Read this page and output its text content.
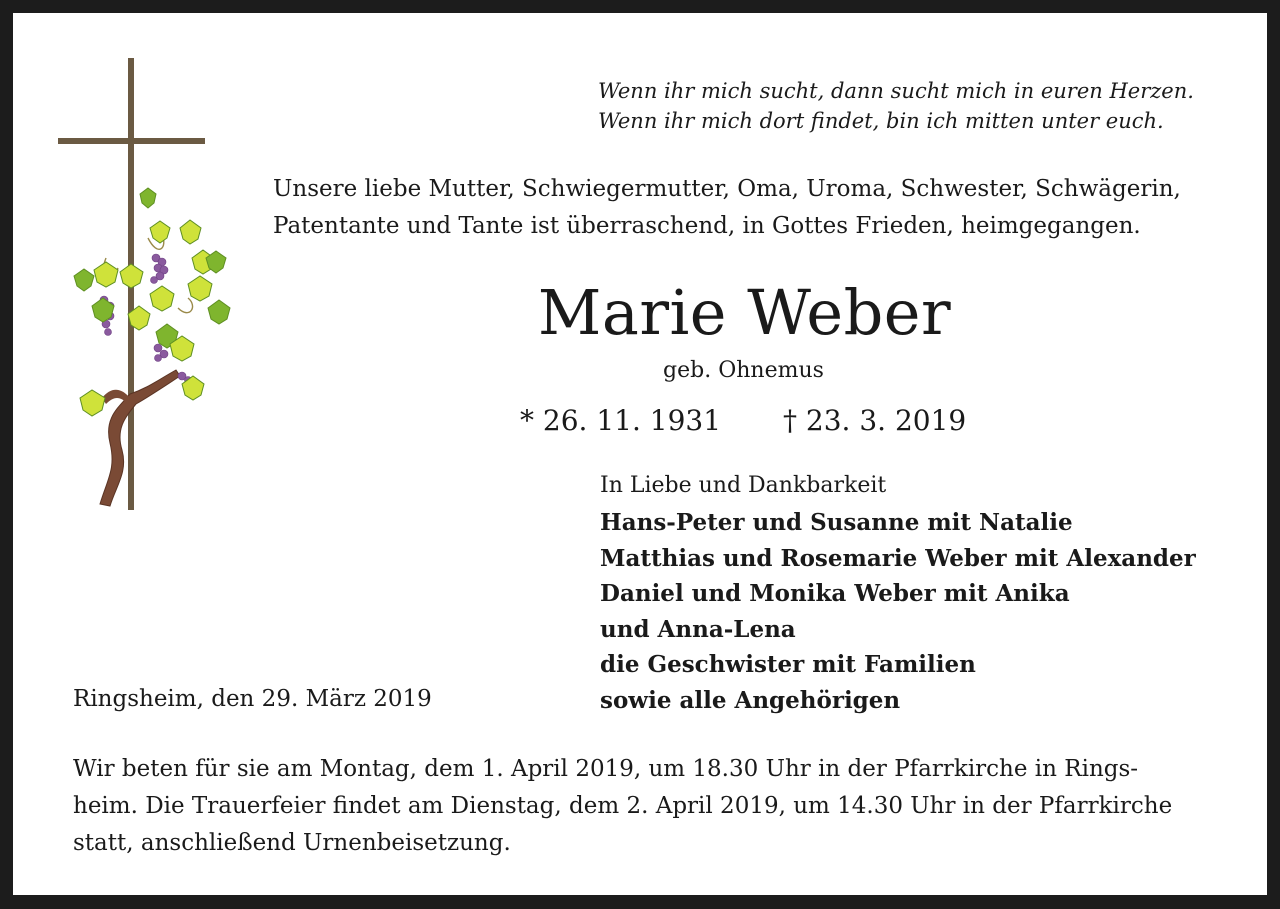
Wenn ihr mich sucht, dann sucht mich in euren Herzen.
Wenn ihr mich dort findet, bin ich mitten unter euch.
Unsere liebe Mutter, Schwiegermutter, Oma, Uroma, Schwester, Schwägerin,
Patentante und Tante ist überraschend, in Gottes Frieden, heimgegangen.
Marie Weber
geb. Ohnemus
* 26. 11. 1931 † 23. 3. 2019
In Liebe und Dankbarkeit
Hans-Peter und Susanne mit Natalie
Matthias und Rosemarie Weber mit Alexander
Daniel und Monika Weber mit Anika
und Anna-Lena
die Geschwister mit Familien
sowie alle Angehörigen
Ringsheim, den 29. März 2019
Wir beten für sie am Montag, dem 1. April 2019, um 18.30 Uhr in der Pfarrkirche in Rings-
heim. Die Trauerfeier findet am Dienstag, dem 2. April 2019, um 14.30 Uhr in der Pfarrkirche
statt, anschließend Urnenbeisetzung.
